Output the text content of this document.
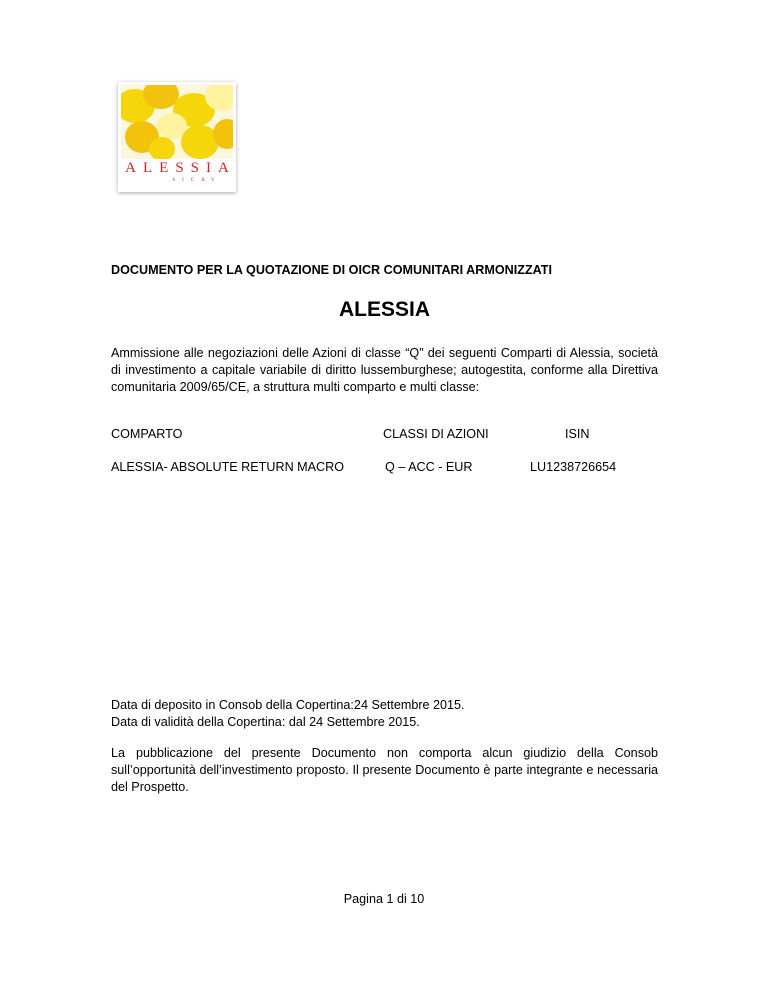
ALESSIA
SICAV
DOCUMENTO PER LA QUOTAZIONE DI OICR COMUNITARI ARMONIZZATI
ALESSIA

Ammissione alle negoziazioni delle Azioni di classe “Q” dei seguenti Comparti di Alessia, società di investimento a capitale variabile di diritto lussemburghese; autogestita, conforme alla Direttiva comunitaria 2009/65/CE, a struttura multi comparto e multi classe:

COMPARTO	CLASSI DI AZIONI	ISIN
ALESSIA- ABSOLUTE RETURN MACRO	Q – ACC - EUR	LU1238726654

Data di deposito in Consob della Copertina:24 Settembre 2015.

Data di validità della Copertina: dal 24 Settembre 2015.

La pubblicazione del presente Documento non comporta alcun giudizio della Consob sull’opportunità dell’investimento proposto. Il presente Documento è parte integrante e necessaria del Prospetto.

Pagina 1 di 10
